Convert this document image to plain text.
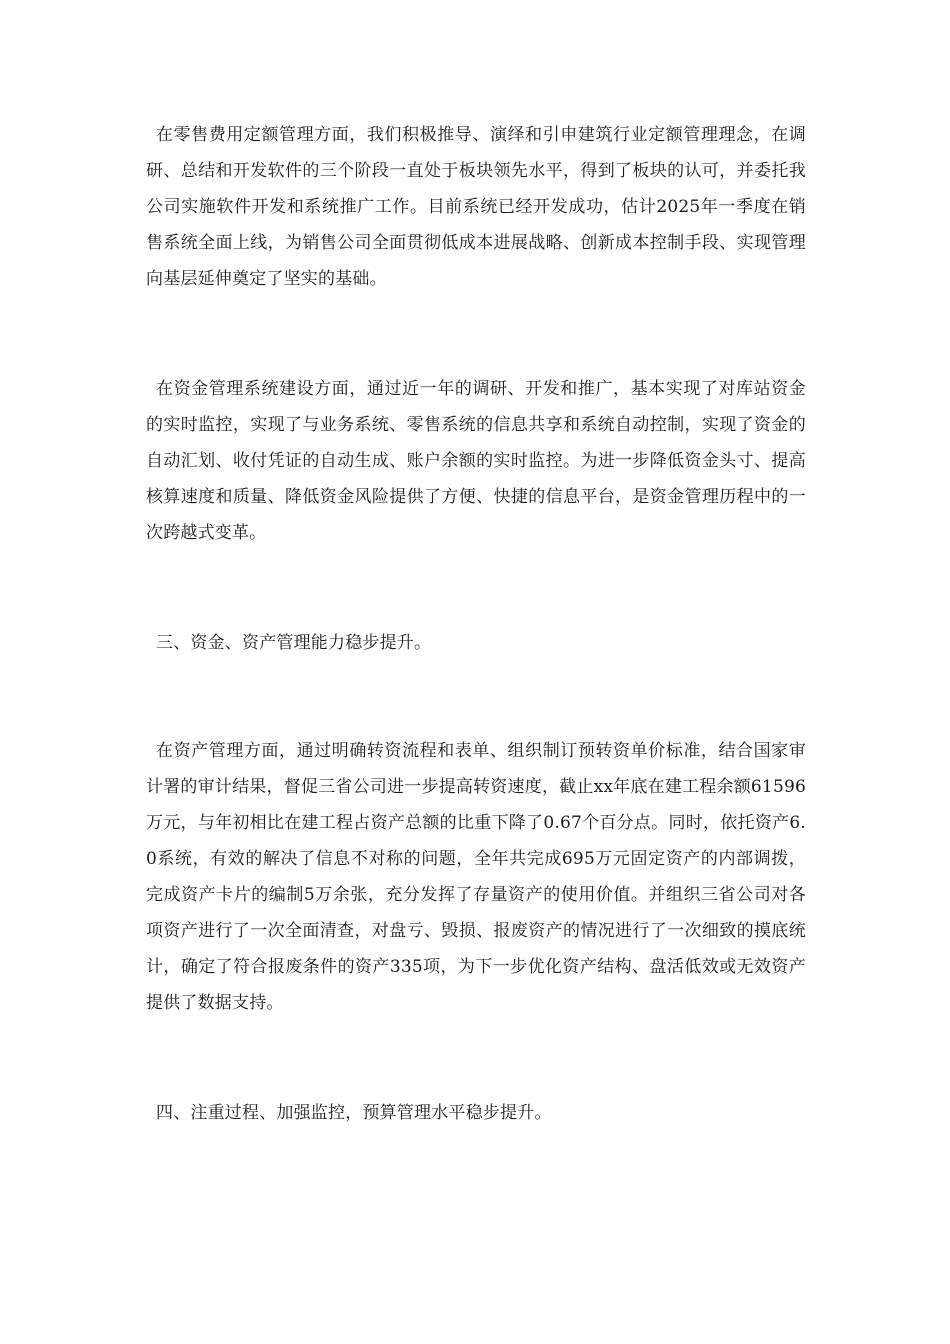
在零售费用定额管理方面，我们积极推导、演绎和引申建筑行业定额管理理念，在调研、总结和开发软件的三个阶段一直处于板块领先水平，得到了板块的认可，并委托我公司实施软件开发和系统推广工作。目前系统已经开发成功，估计2025年一季度在销售系统全面上线，为销售公司全面贯彻低成本进展战略、创新成本控制手段、实现管理向基层延伸奠定了坚实的基础。

在资金管理系统建设方面，通过近一年的调研、开发和推广，基本实现了对库站资金的实时监控，实现了与业务系统、零售系统的信息共享和系统自动控制，实现了资金的自动汇划、收付凭证的自动生成、账户余额的实时监控。为进一步降低资金头寸、提高核算速度和质量、降低资金风险提供了方便、快捷的信息平台，是资金管理历程中的一次跨越式变革。

三、资金、资产管理能力稳步提升。

在资产管理方面，通过明确转资流程和表单、组织制订预转资单价标准，结合国家审计署的审计结果，督促三省公司进一步提高转资速度，截止xx年底在建工程余额61596万元，与年初相比在建工程占资产总额的比重下降了0.67个百分点。同时，依托资产6.0系统，有效的解决了信息不对称的问题，全年共完成695万元固定资产的内部调拨，完成资产卡片的编制5万余张，充分发挥了存量资产的使用价值。并组织三省公司对各项资产进行了一次全面清查，对盘亏、毁损、报废资产的情况进行了一次细致的摸底统计，确定了符合报废条件的资产335项，为下一步优化资产结构、盘活低效或无效资产提供了数据支持。

四、注重过程、加强监控，预算管理水平稳步提升。
